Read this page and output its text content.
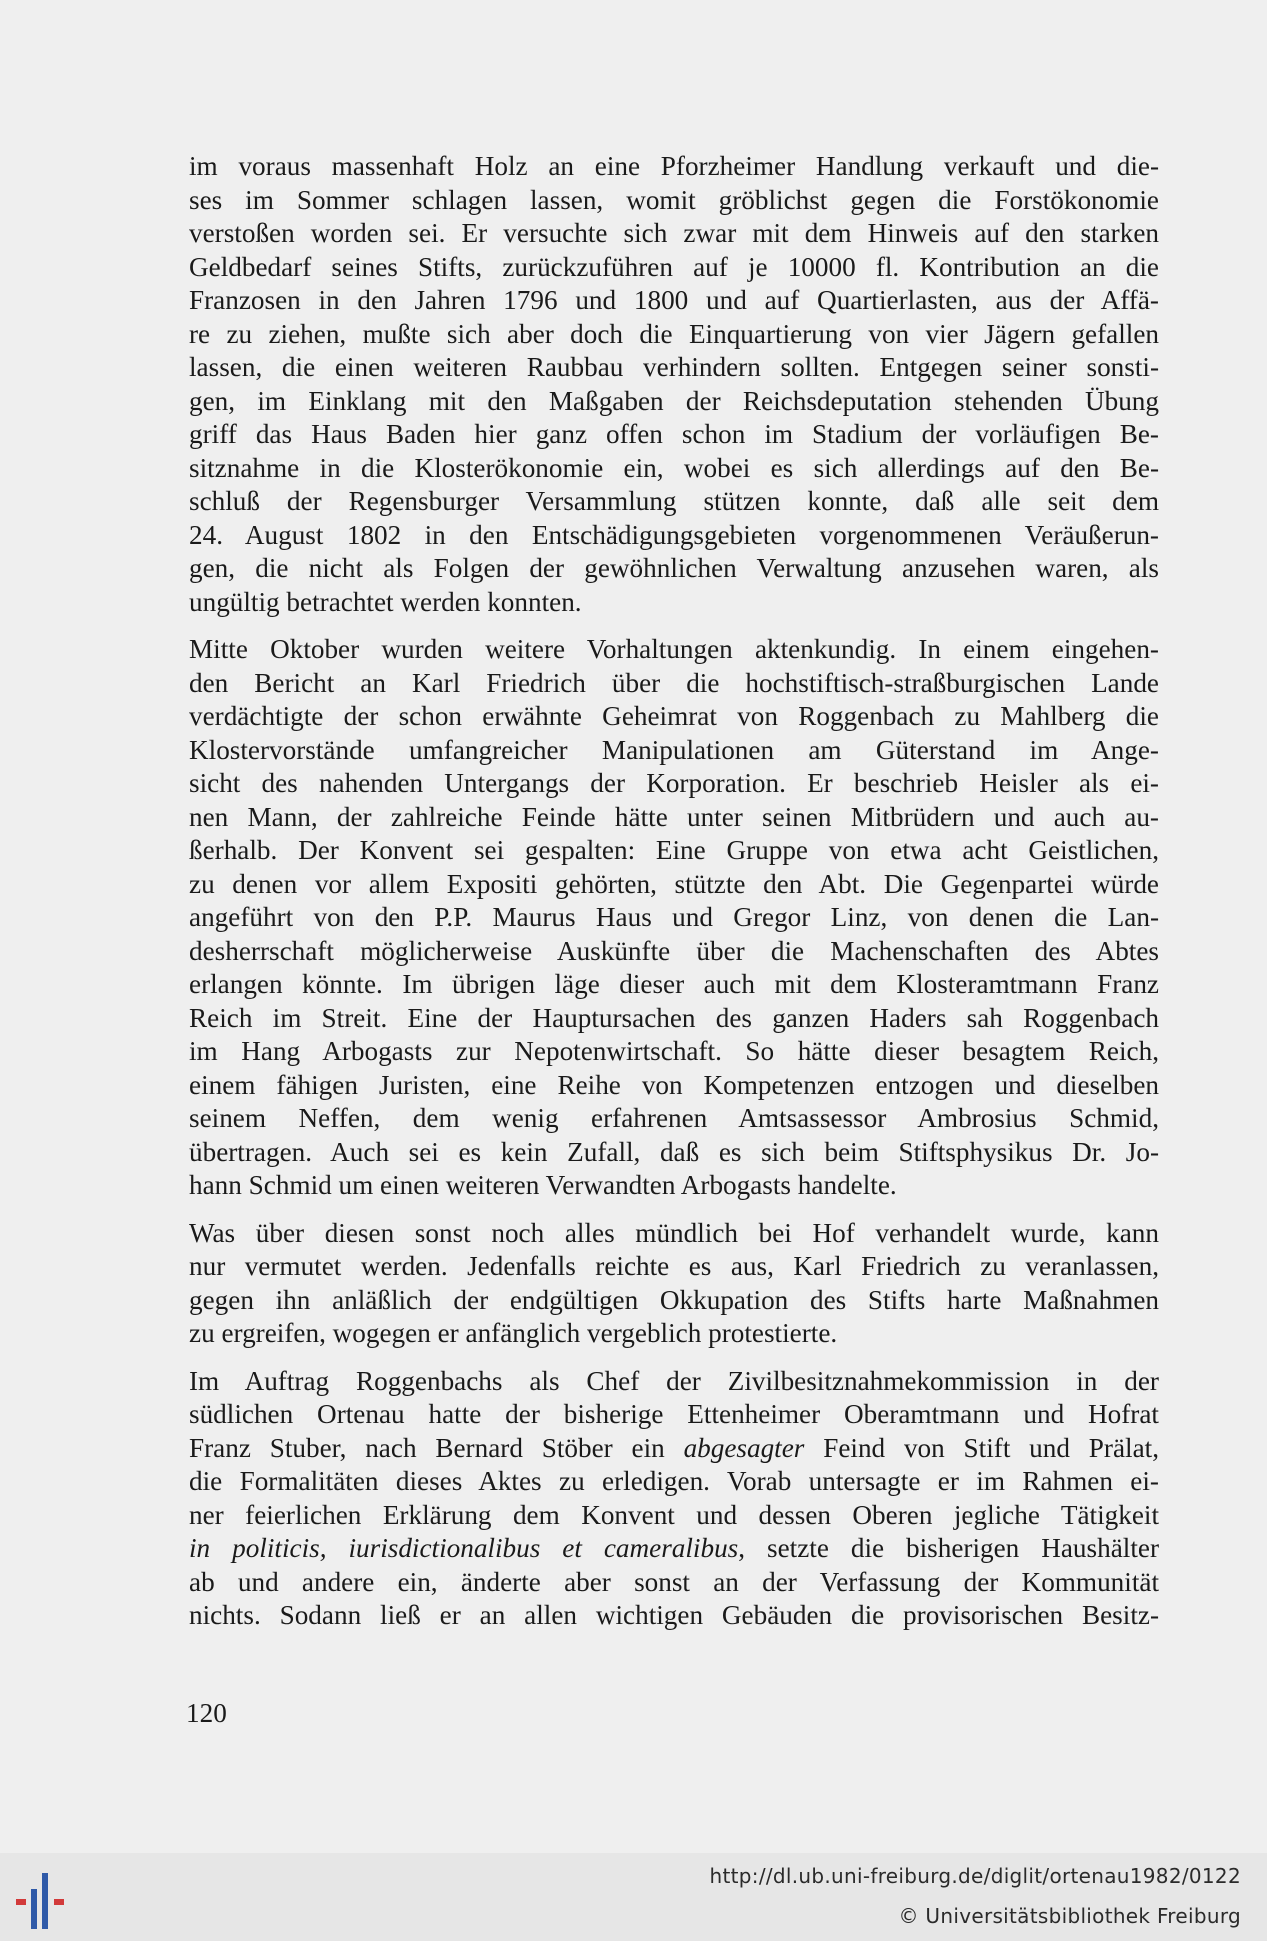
im voraus massenhaft Holz an eine Pforzheimer Handlung verkauft und die-
ses im Sommer schlagen lassen, womit gröblichst gegen die Forstökonomie
verstoßen worden sei. Er versuchte sich zwar mit dem Hinweis auf den starken
Geldbedarf seines Stifts, zurückzuführen auf je 10000 fl. Kontribution an die
Franzosen in den Jahren 1796 und 1800 und auf Quartierlasten, aus der Affä-
re zu ziehen, mußte sich aber doch die Einquartierung von vier Jägern gefallen
lassen, die einen weiteren Raubbau verhindern sollten. Entgegen seiner sonsti-
gen, im Einklang mit den Maßgaben der Reichsdeputation stehenden Übung
griff das Haus Baden hier ganz offen schon im Stadium der vorläufigen Be-
sitznahme in die Klosterökonomie ein, wobei es sich allerdings auf den Be-
schluß der Regensburger Versammlung stützen konnte, daß alle seit dem
24. August 1802 in den Entschädigungsgebieten vorgenommenen Veräußerun-
gen, die nicht als Folgen der gewöhnlichen Verwaltung anzusehen waren, als
ungültig betrachtet werden konnten.
Mitte Oktober wurden weitere Vorhaltungen aktenkundig. In einem eingehen-
den Bericht an Karl Friedrich über die hochstiftisch-straßburgischen Lande
verdächtigte der schon erwähnte Geheimrat von Roggenbach zu Mahlberg die
Klostervorstände umfangreicher Manipulationen am Güterstand im Ange-
sicht des nahenden Untergangs der Korporation. Er beschrieb Heisler als ei-
nen Mann, der zahlreiche Feinde hätte unter seinen Mitbrüdern und auch au-
ßerhalb. Der Konvent sei gespalten: Eine Gruppe von etwa acht Geistlichen,
zu denen vor allem Expositi gehörten, stützte den Abt. Die Gegenpartei würde
angeführt von den P.P. Maurus Haus und Gregor Linz, von denen die Lan-
desherrschaft möglicherweise Auskünfte über die Machenschaften des Abtes
erlangen könnte. Im übrigen läge dieser auch mit dem Klosteramtmann Franz
Reich im Streit. Eine der Hauptursachen des ganzen Haders sah Roggenbach
im Hang Arbogasts zur Nepotenwirtschaft. So hätte dieser besagtem Reich,
einem fähigen Juristen, eine Reihe von Kompetenzen entzogen und dieselben
seinem Neffen, dem wenig erfahrenen Amtsassessor Ambrosius Schmid,
übertragen. Auch sei es kein Zufall, daß es sich beim Stiftsphysikus Dr. Jo-
hann Schmid um einen weiteren Verwandten Arbogasts handelte.
Was über diesen sonst noch alles mündlich bei Hof verhandelt wurde, kann
nur vermutet werden. Jedenfalls reichte es aus, Karl Friedrich zu veranlassen,
gegen ihn anläßlich der endgültigen Okkupation des Stifts harte Maßnahmen
zu ergreifen, wogegen er anfänglich vergeblich protestierte.
Im Auftrag Roggenbachs als Chef der Zivilbesitznahmekommission in der
südlichen Ortenau hatte der bisherige Ettenheimer Oberamtmann und Hofrat
Franz Stuber, nach Bernard Stöber ein abgesagter Feind von Stift und Prälat,
die Formalitäten dieses Aktes zu erledigen. Vorab untersagte er im Rahmen ei-
ner feierlichen Erklärung dem Konvent und dessen Oberen jegliche Tätigkeit
in politicis, iurisdictionalibus et cameralibus, setzte die bisherigen Haushälter
ab und andere ein, änderte aber sonst an der Verfassung der Kommunität
nichts. Sodann ließ er an allen wichtigen Gebäuden die provisorischen Besitz-
120
http://dl.ub.uni-freiburg.de/diglit/ortenau1982/0122
© Universitätsbibliothek Freiburg
